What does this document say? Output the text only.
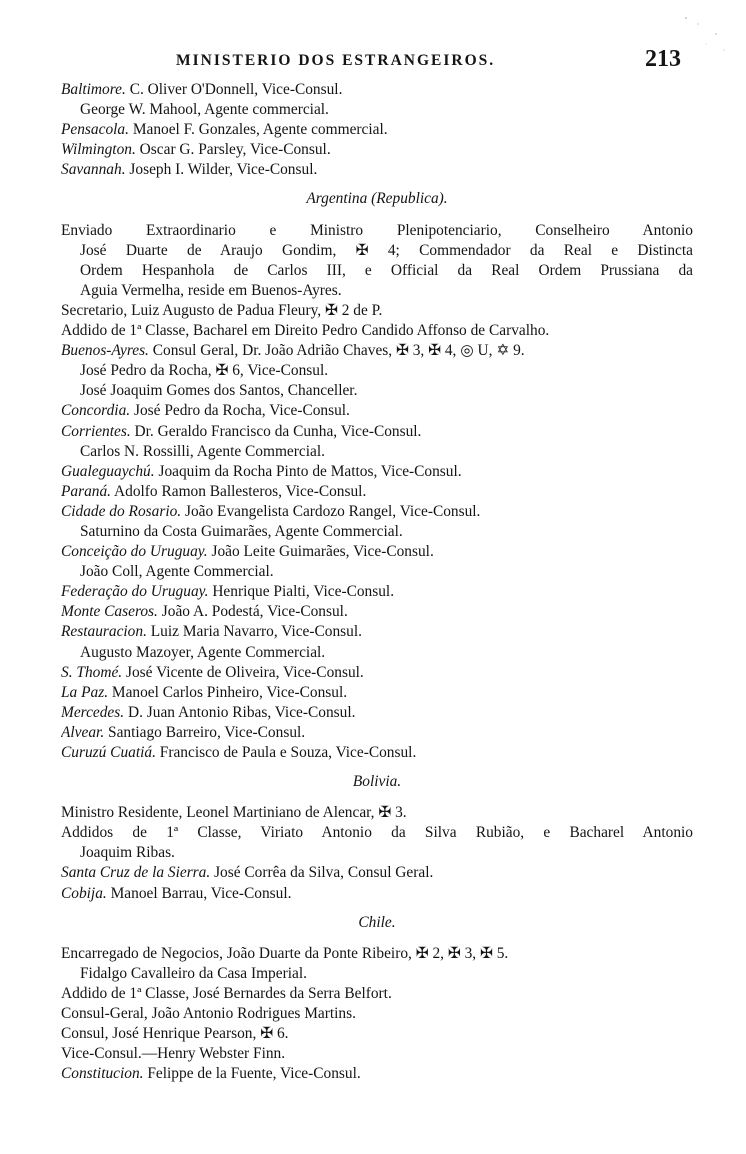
MINISTERIO DOS ESTRANGEIROS.	213
Baltimore. C. Oliver O'Donnell, Vice-Consul.
George W. Mahool, Agente commercial.
Pensacola. Manoel F. Gonzales, Agente commercial.
Wilmington. Oscar G. Parsley, Vice-Consul.
Savannah. Joseph I. Wilder, Vice-Consul.
Argentina (Republica).
Enviado Extraordinario e Ministro Plenipotenciario, Conselheiro Antonio
José Duarte de Araujo Gondim, ✠ 4; Commendador da Real e Distincta
Ordem Hespanhola de Carlos III, e Official da Real Ordem Prussiana da
Aguia Vermelha, reside em Buenos-Ayres.
Secretario, Luiz Augusto de Padua Fleury, ✠ 2 de P.
Addido de 1ª Classe, Bacharel em Direito Pedro Candido Affonso de Carvalho.
Buenos-Ayres. Consul Geral, Dr. João Adrião Chaves, ✠ 3, ✠ 4, ◎ U, ✡ 9.
José Pedro da Rocha, ✠ 6, Vice-Consul.
José Joaquim Gomes dos Santos, Chanceller.
Concordia. José Pedro da Rocha, Vice-Consul.
Corrientes. Dr. Geraldo Francisco da Cunha, Vice-Consul.
Carlos N. Rossilli, Agente Commercial.
Gualeguaychú. Joaquim da Rocha Pinto de Mattos, Vice-Consul.
Paraná. Adolfo Ramon Ballesteros, Vice-Consul.
Cidade do Rosario. João Evangelista Cardozo Rangel, Vice-Consul.
Saturnino da Costa Guimarães, Agente Commercial.
Conceição do Uruguay. João Leite Guimarães, Vice-Consul.
João Coll, Agente Commercial.
Federação do Uruguay. Henrique Pialti, Vice-Consul.
Monte Caseros. João A. Podestá, Vice-Consul.
Restauracion. Luiz Maria Navarro, Vice-Consul.
Augusto Mazoyer, Agente Commercial.
S. Thomé. José Vicente de Oliveira, Vice-Consul.
La Paz. Manoel Carlos Pinheiro, Vice-Consul.
Mercedes. D. Juan Antonio Ribas, Vice-Consul.
Alvear. Santiago Barreiro, Vice-Consul.
Curuzú Cuatiá. Francisco de Paula e Souza, Vice-Consul.
Bolivia.
Ministro Residente, Leonel Martiniano de Alencar, ✠ 3.
Addidos de 1ª Classe, Viriato Antonio da Silva Rubião, e Bacharel Antonio
Joaquim Ribas.
Santa Cruz de la Sierra. José Corrêa da Silva, Consul Geral.
Cobija. Manoel Barrau, Vice-Consul.
Chile.
Encarregado de Negocios, João Duarte da Ponte Ribeiro, ✠ 2, ✠ 3, ✠ 5.
Fidalgo Cavalleiro da Casa Imperial.
Addido de 1ª Classe, José Bernardes da Serra Belfort.
Consul-Geral, João Antonio Rodrigues Martins.
Consul, José Henrique Pearson, ✠ 6.
Vice-Consul.—Henry Webster Finn.
Constitucion. Felippe de la Fuente, Vice-Consul.
